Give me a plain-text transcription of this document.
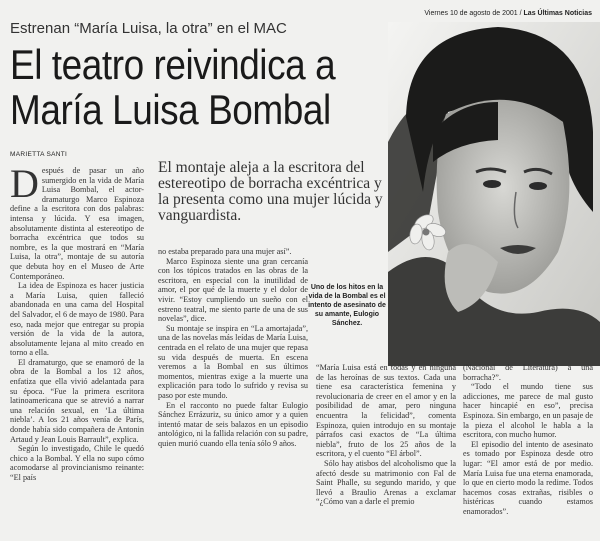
Viernes 10 de agosto de 2001 / Las Últimas Noticias
Estrenan “María Luisa, la otra” en el MAC
El teatro reivindica a
María Luisa Bombal
MARIETTA SANTI
D espués de pasar un año sumergido en la vida de María Luisa Bombal, el actor-dramaturgo Marco Espinoza define a la escritora con dos palabras: intensa y lúcida. Y esa imagen, absolutamente distinta al estereotipo de borracha excéntrica que todos su nombre, es la que mostrará en “María Luisa, la otra”, montaje de su autoría que debuta hoy en el Museo de Arte Contemporáneo.

La idea de Espinoza es hacer justicia a María Luisa, quien falleció abandonada en una cama del Hospital del Salvador, el 6 de mayo de 1980. Para eso, nada mejor que entregar su propia versión de la vida de la autora, absolutamente lejana al mito creado en torno a ella.

El dramaturgo, que se enamoró de la obra de la Bombal a los 12 años, enfatiza que ella vivió adelantada para su época. “Fue la primera escritora latinoamericana que se atrevió a narrar una relación sexual, en ‘La última niebla’. A los 21 años venía de París, donde había sido compañera de Antonin Artaud y Jean Louis Barrault”, explica.

Según lo investigado, Chile le quedó chico a la Bombal. Y ella no supo cómo acomodarse al provincianismo reinante: “El país

El montaje aleja a la escritora del estereotipo de borracha excéntrica y la presenta como una mujer lúcida y vanguardista.

no estaba preparado para una mujer así”.

Marco Espinoza siente una gran cercanía con los tópicos tratados en las obras de la escritora, en especial con la inutilidad de amor, el por qué de la muerte y el dolor de vivir. “Estoy cumpliendo un sueño con el estreno teatral, me siento parte de una de sus novelas”, dice.

Su montaje se inspira en “La amortajada”, una de las novelas más leídas de María Luisa, centrada en el relato de una mujer que repasa su vida después de muerta. En escena veremos a la Bombal en sus últimos momentos, mientras exige a la muerte una explicación para todo lo sufrido y revisa su paso por este mundo.

En el racconto no puede faltar Eulogio Sánchez Errázuriz, su único amor y a quien intentó matar de seis balazos en un episodio antológico, ni la fallida relación con su padre, quien murió cuando ella tenía sólo 9 años.

Uno de los hitos en la vida de la Bombal es el intento de asesinato de su amante, Eulogio Sánchez.

“María Luisa está en todas y en ninguna de las heroínas de sus textos. Cada una tiene esa característica femenina y revolucionaria de creer en el amor y en la posibilidad de amar, pero ninguna encuentra la felicidad”, comenta Espinoza, quien introdujo en su montaje párrafos casi exactos de “La última niebla”, fruto de los 25 años de la escritora, y el cuento “El árbol”.

Sólo hay atisbos del alcoholismo que la afectó desde su matrimonio con Fal de Saint Phalle, su segundo marido, y que llevó a Braulio Arenas a exclamar “¿Cómo van a darle el premio

(Nacional de Literatura) a una borracha?”.

“Todo el mundo tiene sus adicciones, me parece de mal gusto hacer hincapié en eso”, precisa Espinoza. Sin embargo, en un pasaje de la pieza el alcohol le habla a la escritora, con mucho humor.

El episodio del intento de asesinato es tomado por Espinoza desde otro lugar: “El amor está de por medio. María Luisa fue una eterna enamorada, lo que en cierto modo la redime. Todos hacemos cosas extrañas, risibles o histéricas cuando estamos enamorados”.
